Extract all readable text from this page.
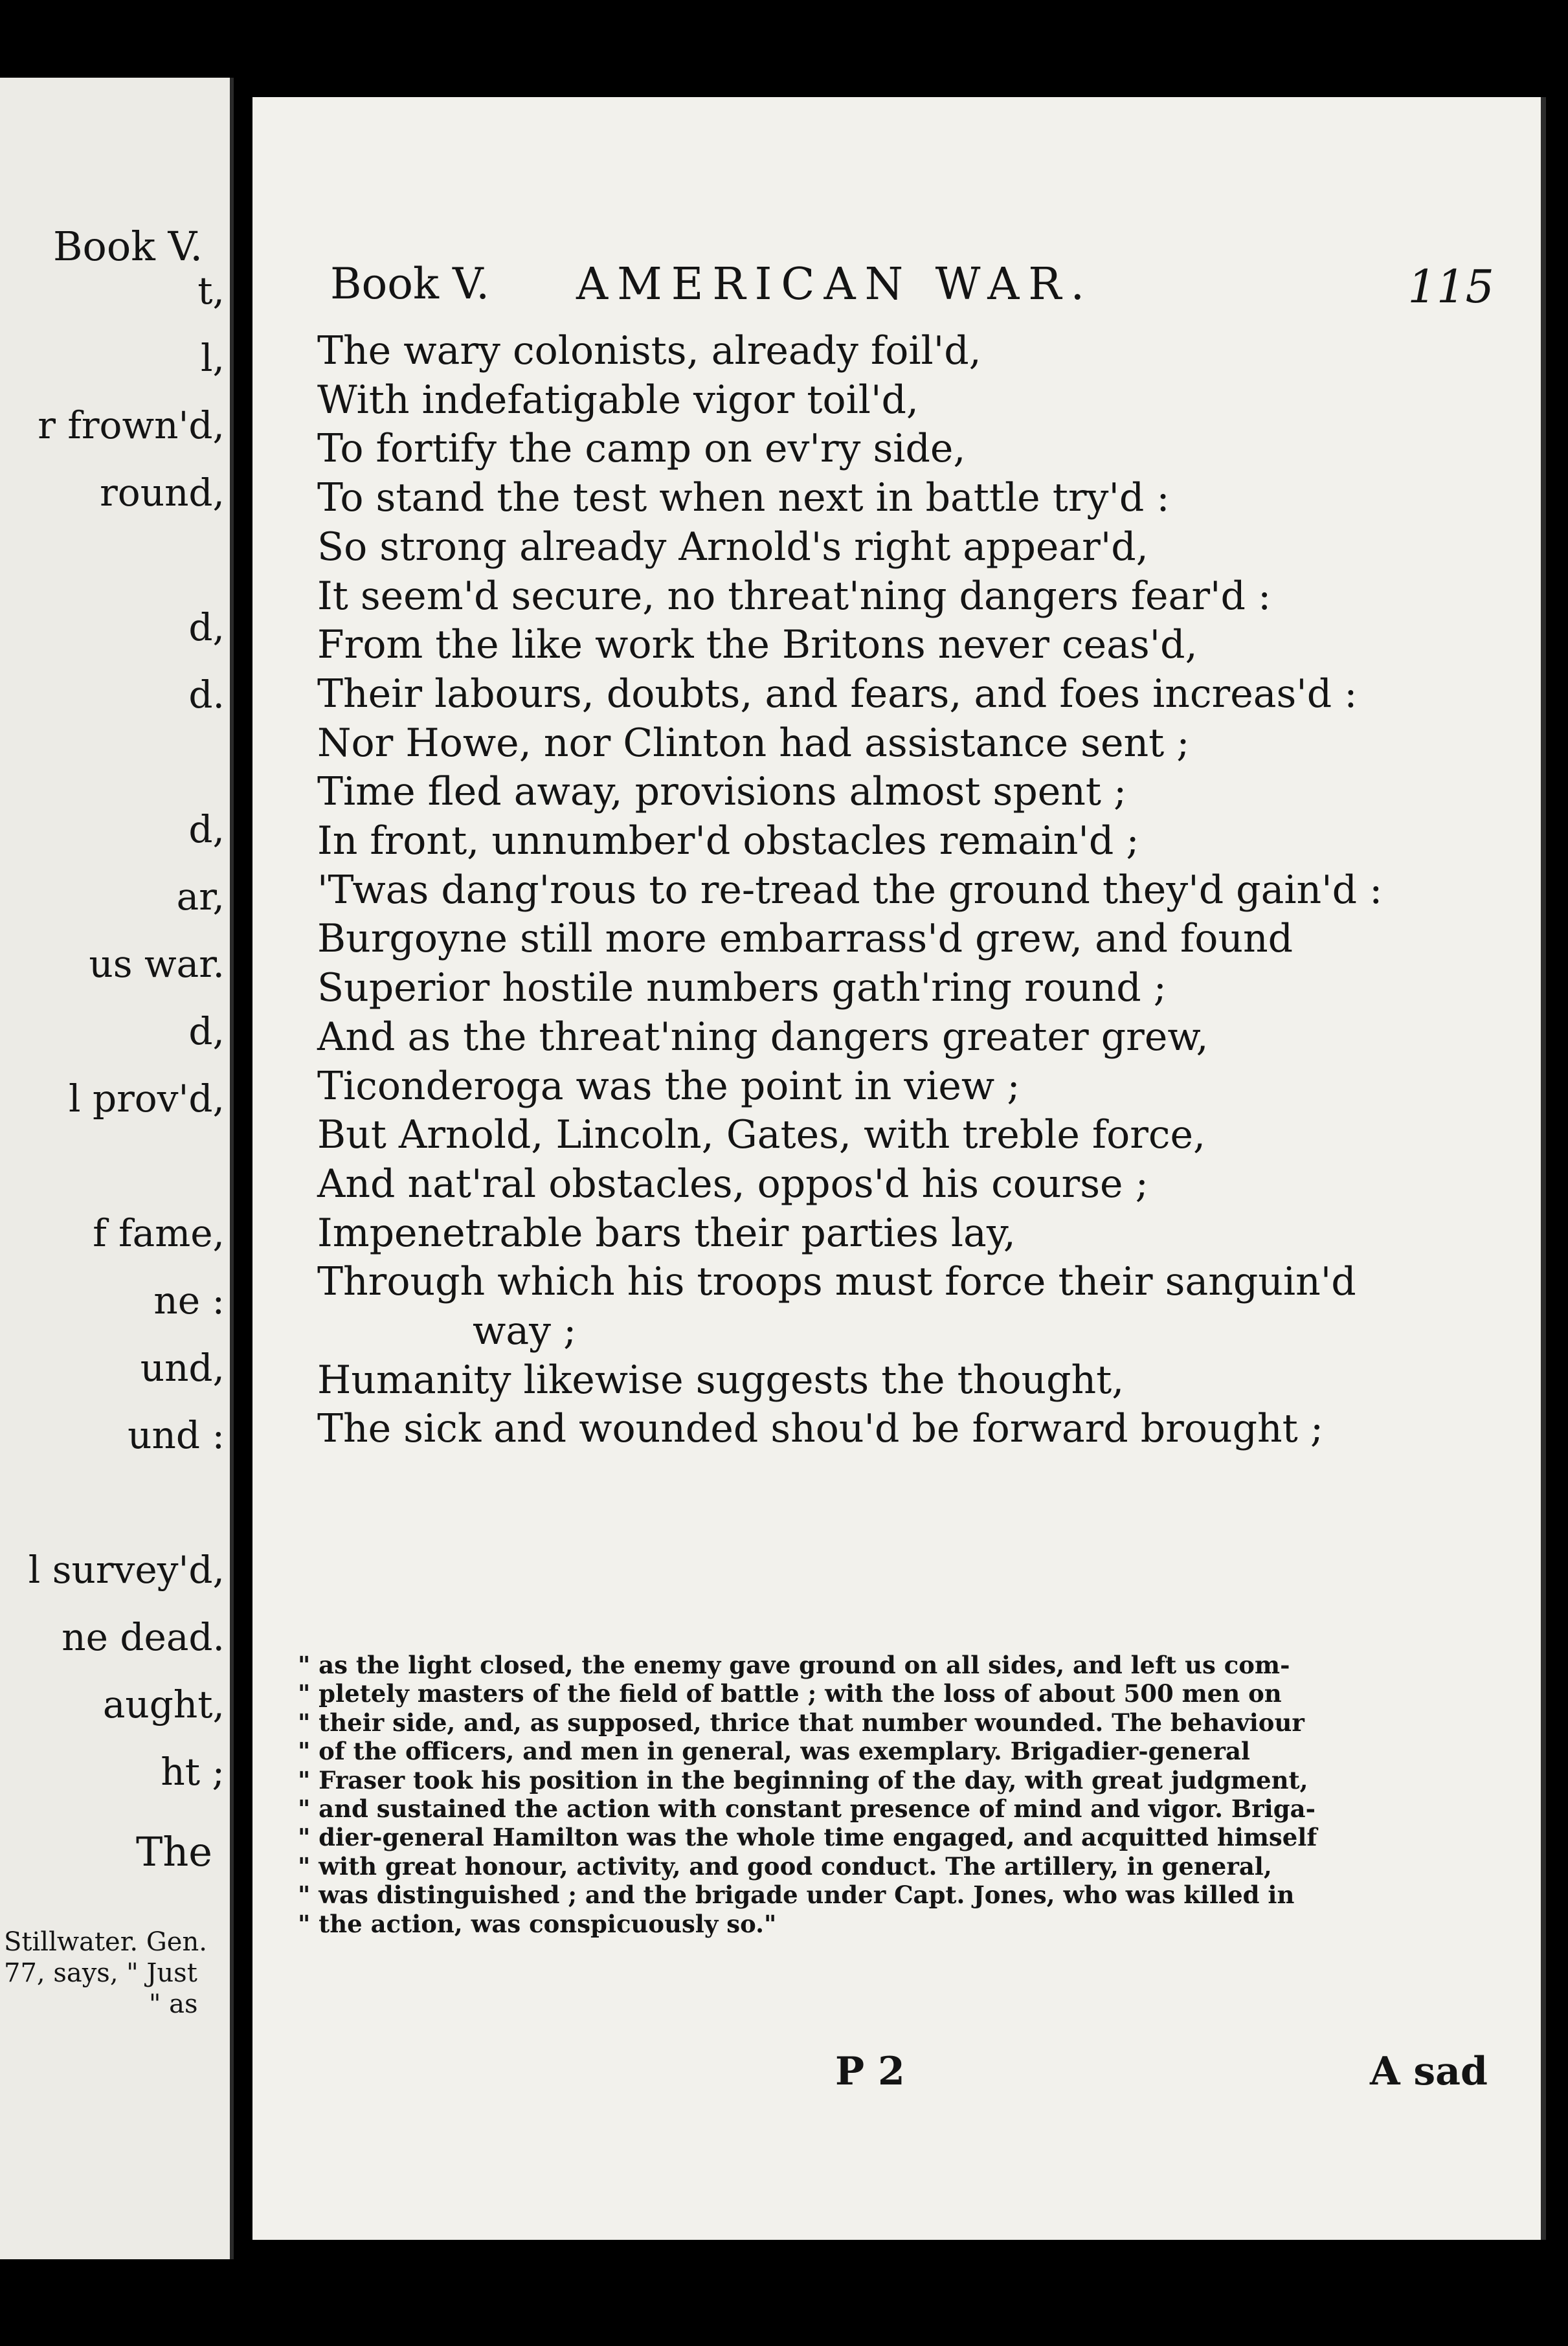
Book V.
t,
l,
r frown'd,
round,
d,
d.
d,
ar,
us war.
d,
l prov'd,
f fame,
ne :
und,
und :
l survey'd,
ne dead.
aught,
ht ;
The
Stillwater. Gen.
77, says, " Just
" as
Book V. AMERICAN WAR.	115
The wary colonists, already foil'd,
With indefatigable vigor toil'd,
To fortify the camp on ev'ry side,
To stand the test when next in battle try'd :
So strong already Arnold's right appear'd,
It seem'd secure, no threat'ning dangers fear'd :
From the like work the Britons never ceas'd,
Their labours, doubts, and fears, and foes increas'd :
Nor Howe, nor Clinton had assistance sent ;
Time fled away, provisions almost spent ;
In front, unnumber'd obstacles remain'd ;
'Twas dang'rous to re-tread the ground they'd gain'd :
Burgoyne still more embarrass'd grew, and found
Superior hostile numbers gath'ring round ;
And as the threat'ning dangers greater grew,
Ticonderoga was the point in view ;
But Arnold, Lincoln, Gates, with treble force,
And nat'ral obstacles, oppos'd his course ;
Impenetrable bars their parties lay,
Through which his troops must force their sanguin'd
way ;
Humanity likewise suggests the thought,
The sick and wounded shou'd be forward brought ;
" as the light closed, the enemy gave ground on all sides, and left us com-
" pletely masters of the field of battle ; with the loss of about 500 men on
" their side, and, as supposed, thrice that number wounded. The behaviour
" of the officers, and men in general, was exemplary. Brigadier-general
" Fraser took his position in the beginning of the day, with great judgment,
" and sustained the action with constant presence of mind and vigor. Briga-
" dier-general Hamilton was the whole time engaged, and acquitted himself
" with great honour, activity, and good conduct. The artillery, in general,
" was distinguished ; and the brigade under Capt. Jones, who was killed in
" the action, was conspicuously so."
P 2	A sad
